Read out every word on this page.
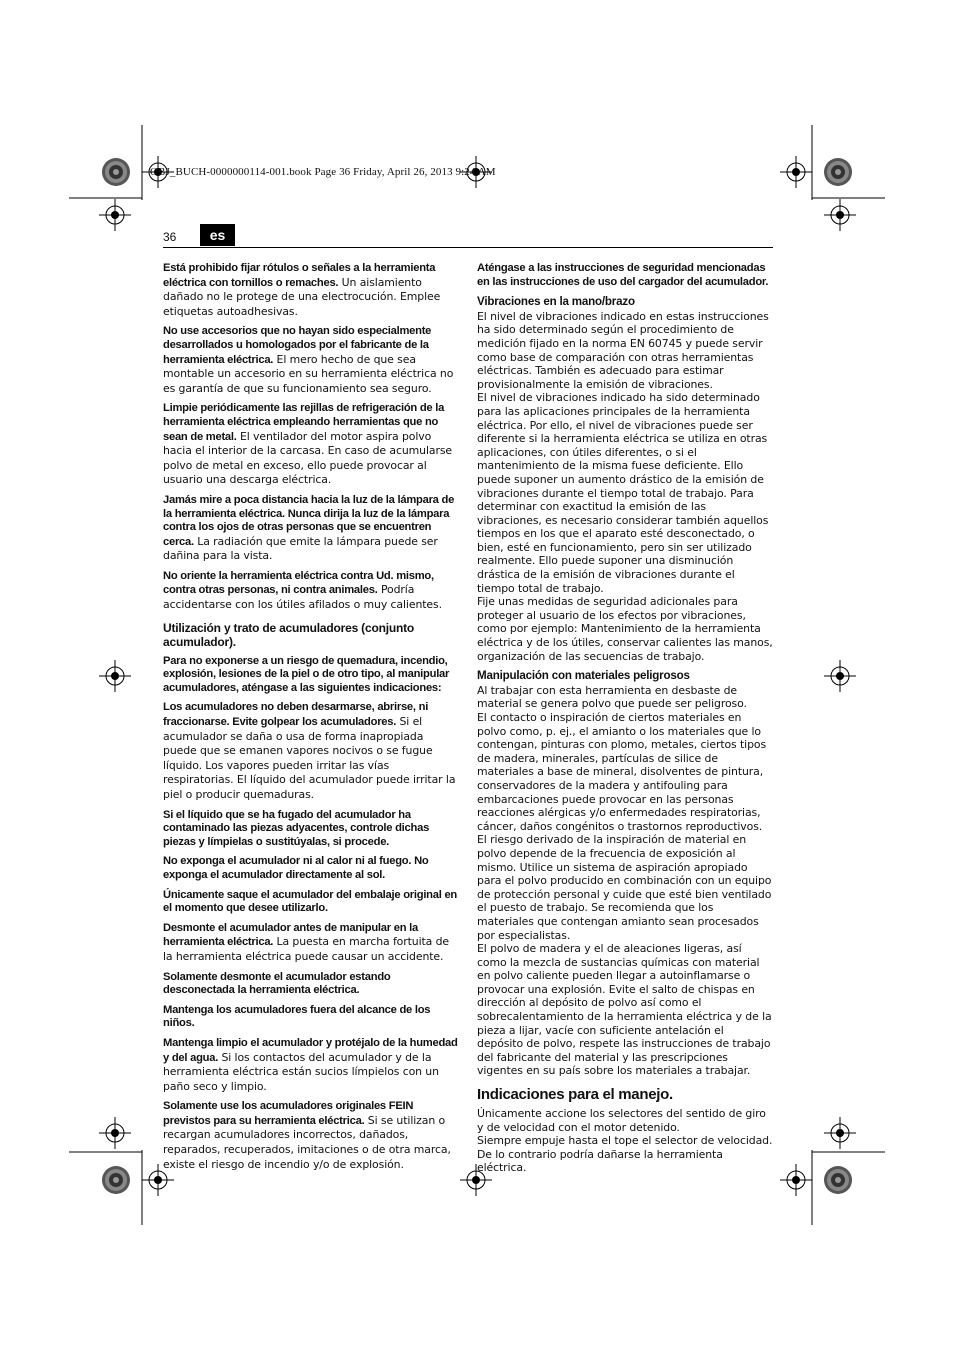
OBJ_BUCH-0000000114-001.book Page 36 Friday, April 26, 2013 9:24 AM
36	es

Está prohibido fijar rótulos o señales a la herramienta eléctrica con tornillos o remaches. Un aislamiento dañado no le protege de una electrocución. Emplee etiquetas autoadhesivas.

No use accesorios que no hayan sido especialmente desarrollados u homologados por el fabricante de la herramienta eléctrica. El mero hecho de que sea montable un accesorio en su herramienta eléctrica no es garantía de que su funcionamiento sea seguro.

Limpie periódicamente las rejillas de refrigeración de la herramienta eléctrica empleando herramientas que no sean de metal. El ventilador del motor aspira polvo hacia el interior de la carcasa. En caso de acumularse polvo de metal en exceso, ello puede provocar al usuario una descarga eléctrica.

Jamás mire a poca distancia hacia la luz de la lámpara de la herramienta eléctrica. Nunca dirija la luz de la lámpara contra los ojos de otras personas que se encuentren cerca. La radiación que emite la lámpara puede ser dañina para la vista.

No oriente la herramienta eléctrica contra Ud. mismo, contra otras personas, ni contra animales. Podría accidentarse con los útiles afilados o muy calientes.

Utilización y trato de acumuladores (conjunto acumulador).

Para no exponerse a un riesgo de quemadura, incendio, explosión, lesiones de la piel o de otro tipo, al manipular acumuladores, aténgase a las siguientes indicaciones:

Los acumuladores no deben desarmarse, abrirse, ni fraccionarse. Evite golpear los acumuladores. Si el acumulador se daña o usa de forma inapropiada puede que se emanen vapores nocivos o se fugue líquido. Los vapores pueden irritar las vías respiratorias. El líquido del acumulador puede irritar la piel o producir quemaduras.

Si el líquido que se ha fugado del acumulador ha contaminado las piezas adyacentes, controle dichas piezas y límpielas o sustitúyalas, si procede.

No exponga el acumulador ni al calor ni al fuego. No exponga el acumulador directamente al sol.

Únicamente saque el acumulador del embalaje original en el momento que desee utilizarlo.

Desmonte el acumulador antes de manipular en la herramienta eléctrica. La puesta en marcha fortuita de la herramienta eléctrica puede causar un accidente.

Solamente desmonte el acumulador estando desconectada la herramienta eléctrica.

Mantenga los acumuladores fuera del alcance de los niños.

Mantenga limpio el acumulador y protéjalo de la humedad y del agua. Si los contactos del acumulador y de la herramienta eléctrica están sucios límpielos con un paño seco y limpio.

Solamente use los acumuladores originales FEIN previstos para su herramienta eléctrica. Si se utilizan o recargan acumuladores incorrectos, dañados, reparados, recuperados, imitaciones o de otra marca, existe el riesgo de incendio y/o de explosión.

Aténgase a las instrucciones de seguridad mencionadas en las instrucciones de uso del cargador del acumulador.

Vibraciones en la mano/brazo

El nivel de vibraciones indicado en estas instrucciones ha sido determinado según el procedimiento de medición fijado en la norma EN 60745 y puede servir como base de comparación con otras herramientas eléctricas. También es adecuado para estimar provisionalmente la emisión de vibraciones.

El nivel de vibraciones indicado ha sido determinado para las aplicaciones principales de la herramienta eléctrica. Por ello, el nivel de vibraciones puede ser diferente si la herramienta eléctrica se utiliza en otras aplicaciones, con útiles diferentes, o si el mantenimiento de la misma fuese deficiente. Ello puede suponer un aumento drástico de la emisión de vibraciones durante el tiempo total de trabajo. Para determinar con exactitud la emisión de las vibraciones, es necesario considerar también aquellos tiempos en los que el aparato esté desconectado, o bien, esté en funcionamiento, pero sin ser utilizado realmente. Ello puede suponer una disminución drástica de la emisión de vibraciones durante el tiempo total de trabajo.

Fije unas medidas de seguridad adicionales para proteger al usuario de los efectos por vibraciones, como por ejemplo: Mantenimiento de la herramienta eléctrica y de los útiles, conservar calientes las manos, organización de las secuencias de trabajo.

Manipulación con materiales peligrosos

Al trabajar con esta herramienta en desbaste de material se genera polvo que puede ser peligroso.

El contacto o inspiración de ciertos materiales en polvo como, p. ej., el amianto o los materiales que lo contengan, pinturas con plomo, metales, ciertos tipos de madera, minerales, partículas de silice de materiales a base de mineral, disolventes de pintura, conservadores de la madera y antifouling para embarcaciones puede provocar en las personas reacciones alérgicas y/o enfermedades respiratorias, cáncer, daños congénitos o trastornos reproductivos. El riesgo derivado de la inspiración de material en polvo depende de la frecuencia de exposición al mismo. Utilice un sistema de aspiración apropiado para el polvo producido en combinación con un equipo de protección personal y cuide que esté bien ventilado el puesto de trabajo. Se recomienda que los materiales que contengan amianto sean procesados por especialistas.

El polvo de madera y el de aleaciones ligeras, así como la mezcla de sustancias químicas con material en polvo caliente pueden llegar a autoinflamarse o provocar una explosión. Evite el salto de chispas en dirección al depósito de polvo así como el sobrecalentamiento de la herramienta eléctrica y de la pieza a lijar, vacíe con suficiente antelación el depósito de polvo, respete las instrucciones de trabajo del fabricante del material y las prescripciones vigentes en su país sobre los materiales a trabajar.

Indicaciones para el manejo.

Únicamente accione los selectores del sentido de giro y de velocidad con el motor detenido.

Siempre empuje hasta el tope el selector de velocidad. De lo contrario podría dañarse la herramienta eléctrica.
